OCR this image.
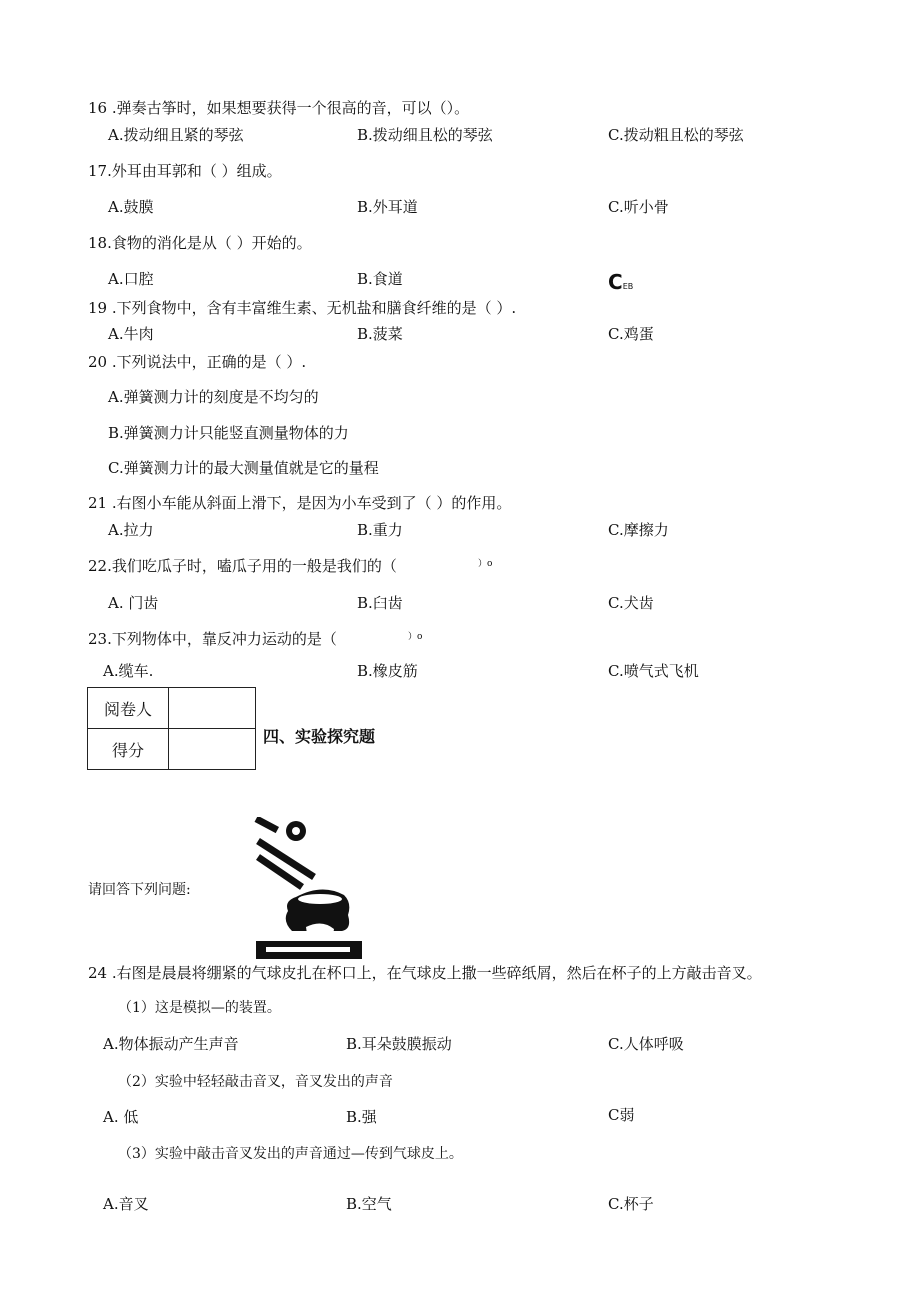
16 .弹奏古筝时，如果想要获得一个很高的音，可以（）。
A.拨动细且紧的琴弦	B.拨动细且松的琴弦	C.拨动粗且松的琴弦
17.外耳由耳郭和（ ）组成。
A.鼓膜	B.外耳道	C.听小骨
18.食物的消化是从（ ）开始的。
A.口腔	B.食道	CEB
19 .下列食物中，含有丰富维生素、无机盐和膳食纤维的是（ ）.
A.牛肉	B.菠菜	C.鸡蛋
20 .下列说法中，正确的是（ ）.
A.弹簧测力计的刻度是不均匀的
B.弹簧测力计只能竖直测量物体的力
C.弹簧测力计的最大测量值就是它的量程
21 .右图小车能从斜面上滑下，是因为小车受到了（ ）的作用。
A.拉力	B.重力	C.摩擦力
22.我们吃瓜子时，嗑瓜子用的一般是我们的（	）o
A. 门齿	B.臼齿	C.犬齿
23.下列物体中，靠反冲力运动的是（	）o
A.缆车.	B.橡皮筋	C.喷气式飞机
阅卷人	
得分	
四、实验探究题
请回答下列问题:
24 .右图是晨晨将绷紧的气球皮扎在杯口上，在气球皮上撒一些碎纸屑，然后在杯子的上方敲击音叉。
（1）这是模拟—的装置。
A.物体振动产生声音	B.耳朵鼓膜振动	C.人体呼吸
（2）实验中轻轻敲击音叉，音叉发出的声音
A. 低	B.强	C弱
（3）实验中敲击音叉发出的声音通过—传到气球皮上。
A.音叉	B.空气	C.杯子
